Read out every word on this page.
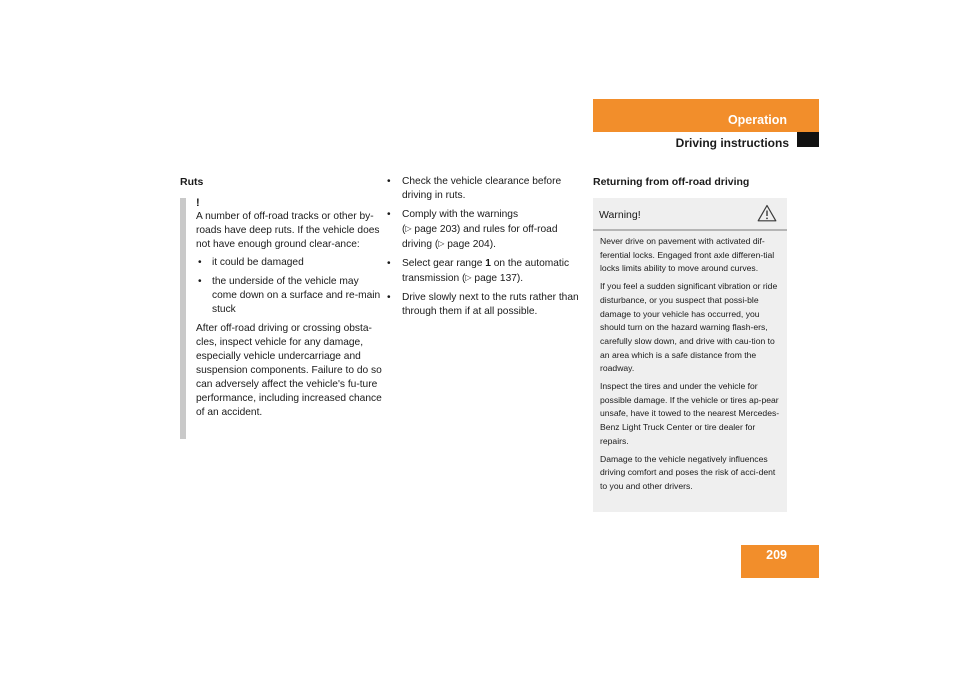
Operation
Driving instructions
Ruts
!

A number of off-road tracks or other by-roads have deep ruts. If the vehicle does not have enough ground clear-ance:

• it could be damaged
• the underside of the vehicle may come down on a surface and re-main stuck

After off-road driving or crossing obsta-cles, inspect vehicle for any damage, especially vehicle undercarriage and suspension components. Failure to do so can adversely affect the vehicle's fu-ture performance, including increased chance of an accident.

• Check the vehicle clearance before driving in ruts.
• Comply with the warnings
(▷ page 203) and rules for off-road driving (▷ page 204).
• Select gear range 1 on the automatic transmission (▷ page 137).
• Drive slowly next to the ruts rather than through them if at all possible.
Returning from off-road driving
Warning!

Never drive on pavement with activated dif-ferential locks. Engaged front axle differen-tial locks limits ability to move around curves.

If you feel a sudden significant vibration or ride disturbance, or you suspect that possi-ble damage to your vehicle has occurred, you should turn on the hazard warning flash-ers, carefully slow down, and drive with cau-tion to an area which is a safe distance from the roadway.

Inspect the tires and under the vehicle for possible damage. If the vehicle or tires ap-pear unsafe, have it towed to the nearest Mercedes-Benz Light Truck Center or tire dealer for repairs.

Damage to the vehicle negatively influences driving comfort and poses the risk of acci-dent to you and other drivers.

209
